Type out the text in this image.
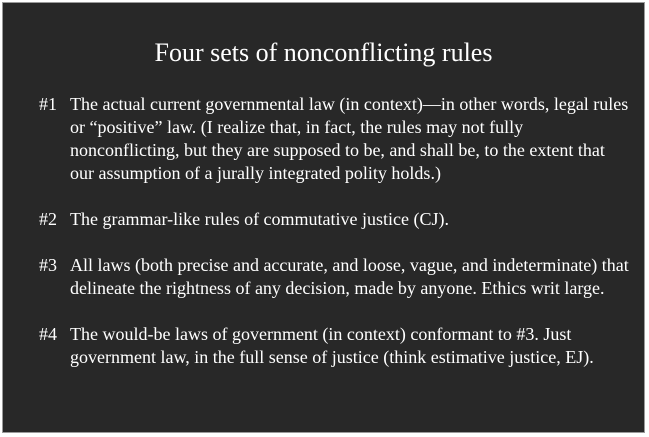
Four sets of nonconflicting rules
#1 The actual current governmental law (in context)—in other words, legal rules or “positive” law. (I realize that, in fact, the rules may not fully nonconflicting, but they are supposed to be, and shall be, to the extent that our assumption of a jurally integrated polity holds.)
#2 The grammar-like rules of commutative justice (CJ).
#3 All laws (both precise and accurate, and loose, vague, and indeterminate) that delineate the rightness of any decision, made by anyone. Ethics writ large.
#4 The would-be laws of government (in context) conformant to #3. Just government law, in the full sense of justice (think estimative justice, EJ).
